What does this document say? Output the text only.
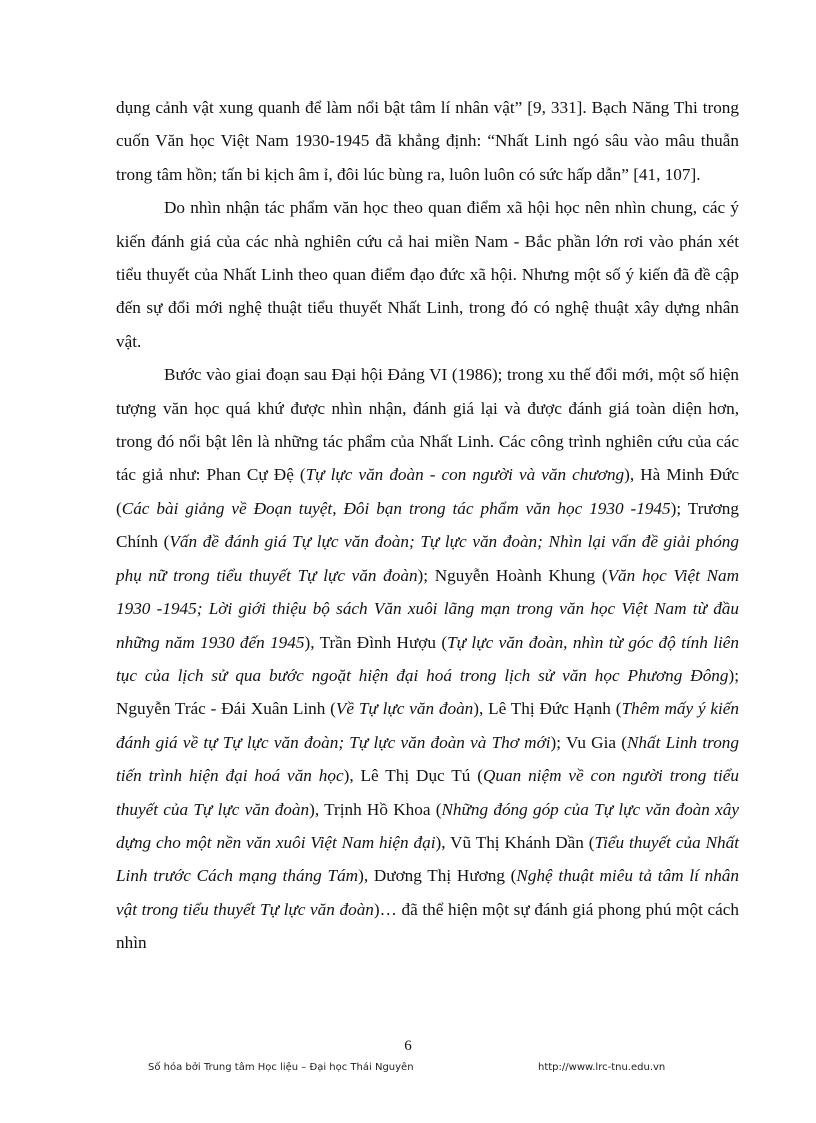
dụng cảnh vật xung quanh để làm nổi bật tâm lí nhân vật” [9, 331]. Bạch Năng Thi trong cuốn Văn học Việt Nam 1930-1945 đã khẳng định: “Nhất Linh ngó sâu vào mâu thuẫn trong tâm hồn; tấn bi kịch âm ỉ, đôi lúc bùng ra, luôn luôn có sức hấp dẫn” [41, 107].

Do nhìn nhận tác phẩm văn học theo quan điểm xã hội học nên nhìn chung, các ý kiến đánh giá của các nhà nghiên cứu cả hai miền Nam - Bắc phần lớn rơi vào phán xét tiểu thuyết của Nhất Linh theo quan điểm đạo đức xã hội. Nhưng một số ý kiến đã đề cập đến sự đổi mới nghệ thuật tiểu thuyết Nhất Linh, trong đó có nghệ thuật xây dựng nhân vật.

Bước vào giai đoạn sau Đại hội Đảng VI (1986); trong xu thế đổi mới, một số hiện tượng văn học quá khứ được nhìn nhận, đánh giá lại và được đánh giá toàn diện hơn, trong đó nổi bật lên là những tác phẩm của Nhất Linh. Các công trình nghiên cứu của các tác giả như: Phan Cự Đệ (Tự lực văn đoàn - con người và văn chương), Hà Minh Đức (Các bài giảng về Đoạn tuyệt, Đôi bạn trong tác phẩm văn học 1930 -1945); Trương Chính (Vấn đề đánh giá Tự lực văn đoàn; Tự lực văn đoàn; Nhìn lại vấn đề giải phóng phụ nữ trong tiểu thuyết Tự lực văn đoàn); Nguyễn Hoành Khung (Văn học Việt Nam 1930 -1945; Lời giới thiệu bộ sách Văn xuôi lãng mạn trong văn học Việt Nam từ đầu những năm 1930 đến 1945), Trần Đình Hượu (Tự lực văn đoàn, nhìn từ góc độ tính liên tục của lịch sử qua bước ngoặt hiện đại hoá trong lịch sử văn học Phương Đông); Nguyễn Trác - Đái Xuân Linh (Về Tự lực văn đoàn), Lê Thị Đức Hạnh (Thêm mấy ý kiến đánh giá về tự Tự lực văn đoàn; Tự lực văn đoàn và Thơ mới); Vu Gia (Nhất Linh trong tiến trình hiện đại hoá văn học), Lê Thị Dục Tú (Quan niệm về con người trong tiểu thuyết của Tự lực văn đoàn), Trịnh Hồ Khoa (Những đóng góp của Tự lực văn đoàn xây dựng cho một nền văn xuôi Việt Nam hiện đại), Vũ Thị Khánh Dần (Tiểu thuyết của Nhất Linh trước Cách mạng tháng Tám), Dương Thị Hương (Nghệ thuật miêu tả tâm lí nhân vật trong tiểu thuyết Tự lực văn đoàn)… đã thể hiện một sự đánh giá phong phú một cách nhìn

6
Số hóa bởi Trung tâm Học liệu – Đại học Thái Nguyên	http://www.lrc-tnu.edu.vn
